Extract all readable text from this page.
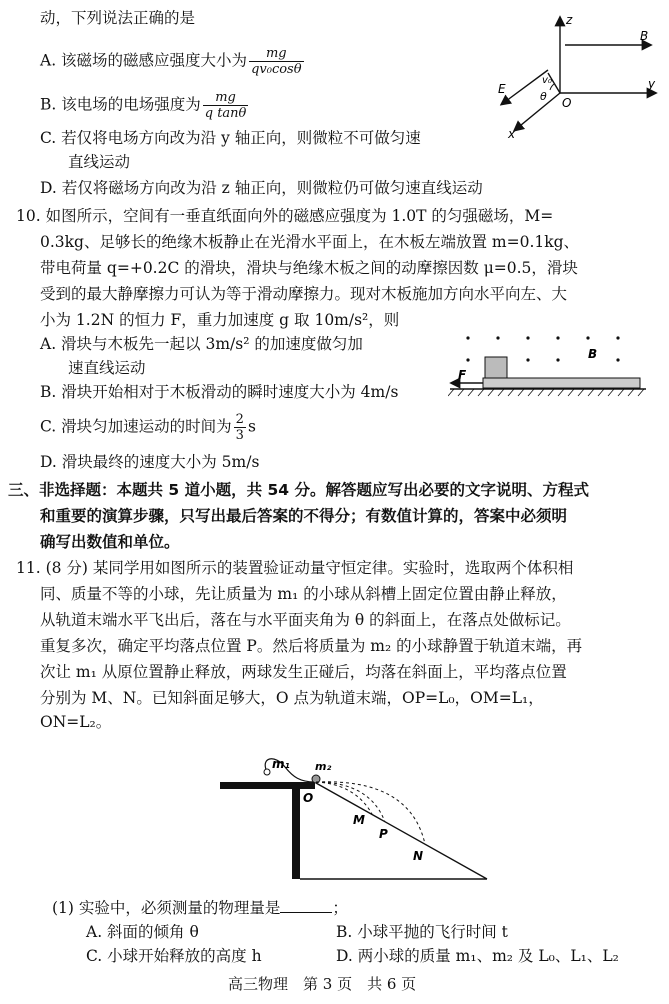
动，下列说法正确的是
A. 该磁场的磁感应强度大小为 $\frac{mg}{\text{qv₀cosθ}}$
B. 该电场的电场强度为 $\frac{mg}{\text{q tanθ}}$
C. 若仅将电场方向改为沿 y 轴正向，则微粒不可做匀速
直线运动
D. 若仅将磁场方向改为沿 z 轴正向，则微粒仍可做匀速直线运动
z
B
y
E
v₀
θ O
x
10. 如图所示，空间有一垂直纸面向外的磁感应强度为 1.0T 的匀强磁场，M=
0.3kg、足够长的绝缘木板静止在光滑水平面上，在木板左端放置 m=0.1kg、
带电荷量 q=+0.2C 的滑块，滑块与绝缘木板之间的动摩擦因数 μ=0.5，滑块
受到的最大静摩擦力可认为等于滑动摩擦力。现对木板施加方向水平向左、大
小为 1.2N 的恒力 F，重力加速度 g 取 10m/s²，则
A. 滑块与木板先一起以 3m/s² 的加速度做匀加
速直线运动
B. 滑块开始相对于木板滑动的瞬时速度大小为 4m/s
C. 滑块匀加速运动的时间为 $\frac{2}{3}$ s
D. 滑块最终的速度大小为 5m/s
F
B
三、非选择题：本题共 5 道小题，共 54 分。解答题应写出必要的文字说明、方程式
和重要的演算步骤，只写出最后答案的不得分；有数值计算的，答案中必须明
确写出数值和单位。
11. (8 分) 某同学用如图所示的装置验证动量守恒定律。实验时，选取两个体积相
同、质量不等的小球，先让质量为 m₁ 的小球从斜槽上固定位置由静止释放，
从轨道末端水平飞出后，落在与水平面夹角为 θ 的斜面上，在落点处做标记。
重复多次，确定平均落点位置 P。然后将质量为 m₂ 的小球静置于轨道末端，再
次让 m₁ 从原位置静止释放，两球发生正碰后，均落在斜面上，平均落点位置
分别为 M、N。已知斜面足够大，O 点为轨道末端，OP=L₀，OM=L₁，
ON=L₂。
m₁ m₂
O
M
P
N
(1) 实验中，必须测量的物理量是	；
A. 斜面的倾角 θ	B. 小球平抛的飞行时间 t
C. 小球开始释放的高度 h	D. 两小球的质量 m₁、m₂ 及 L₀、L₁、L₂
高三物理　第 3 页　共 6 页
